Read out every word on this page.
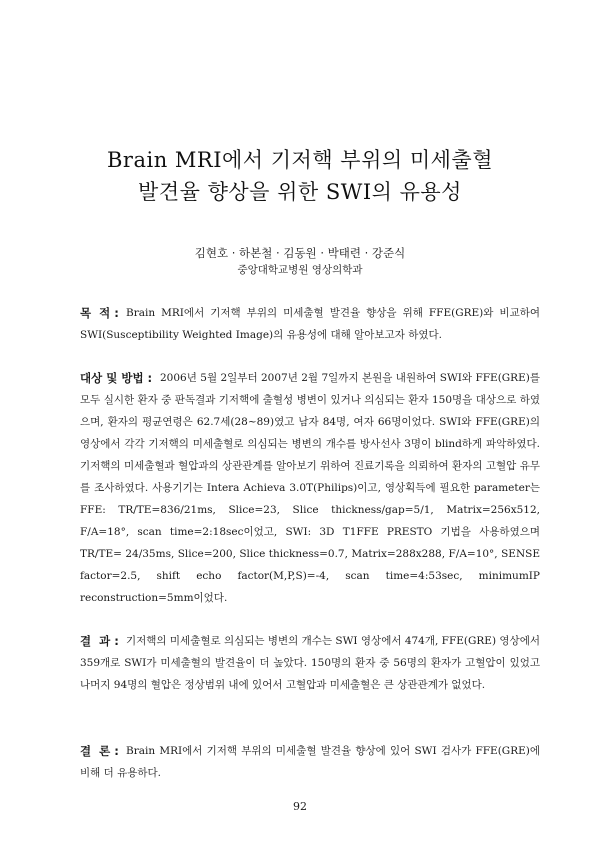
Brain MRI에서 기저핵 부위의 미세출혈
발견율 향상을 위한 SWI의 유용성
김현호 · 하본철 · 김동원 · 박태련 · 강준식
중앙대학교병원 영상의학과
목  적 : Brain MRI에서 기저핵 부위의 미세출혈 발견율 향상을 위해 FFE(GRE)와 비교하여 SWI(Susceptibility Weighted Image)의 유용성에 대해 알아보고자 하였다.
대상 및 방법 : 2006년 5월 2일부터 2007년 2월 7일까지 본원을 내원하여 SWI와 FFE(GRE)를 모두 실시한 환자 중 판독결과 기저핵에 출혈성 병변이 있거나 의심되는 환자 150명을 대상으로 하였으며, 환자의 평균연령은 62.7세(28~89)였고 남자 84명, 여자 66명이었다. SWI와 FFE(GRE)의 영상에서 각각 기저핵의 미세출혈로 의심되는 병변의 개수를 방사선사 3명이 blind하게 파악하였다. 기저핵의 미세출혈과 혈압과의 상관관계를 알아보기 위하여 진료기록을 의뢰하여 환자의 고혈압 유무를 조사하였다. 사용기기는 Intera Achieva 3.0T(Philips)이고, 영상획득에 필요한 parameter는 FFE: TR/TE=836/21ms, Slice=23, Slice thickness/gap=5/1, Matrix=256x512, F/A=18°, scan time=2:18sec이었고, SWI: 3D T1FFE PRESTO 기법을 사용하였으며 TR/TE= 24/35ms, Slice=200, Slice thickness=0.7, Matrix=288x288, F/A=10°, SENSE factor=2.5, shift echo factor(M,P,S)=-4, scan time=4:53sec, minimumIP reconstruction=5mm이었다.
결  과 : 기저핵의 미세출혈로 의심되는 병변의 개수는 SWI 영상에서 474개, FFE(GRE) 영상에서 359개로 SWI가 미세출혈의 발견율이 더 높았다. 150명의 환자 중 56명의 환자가 고혈압이 있었고 나머지 94명의 혈압은 정상범위 내에 있어서 고혈압과 미세출혈은 큰 상관관계가 없었다.
결  론 : Brain MRI에서 기저핵 부위의 미세출혈 발견율 향상에 있어 SWI 검사가 FFE(GRE)에 비해 더 유용하다.
92
